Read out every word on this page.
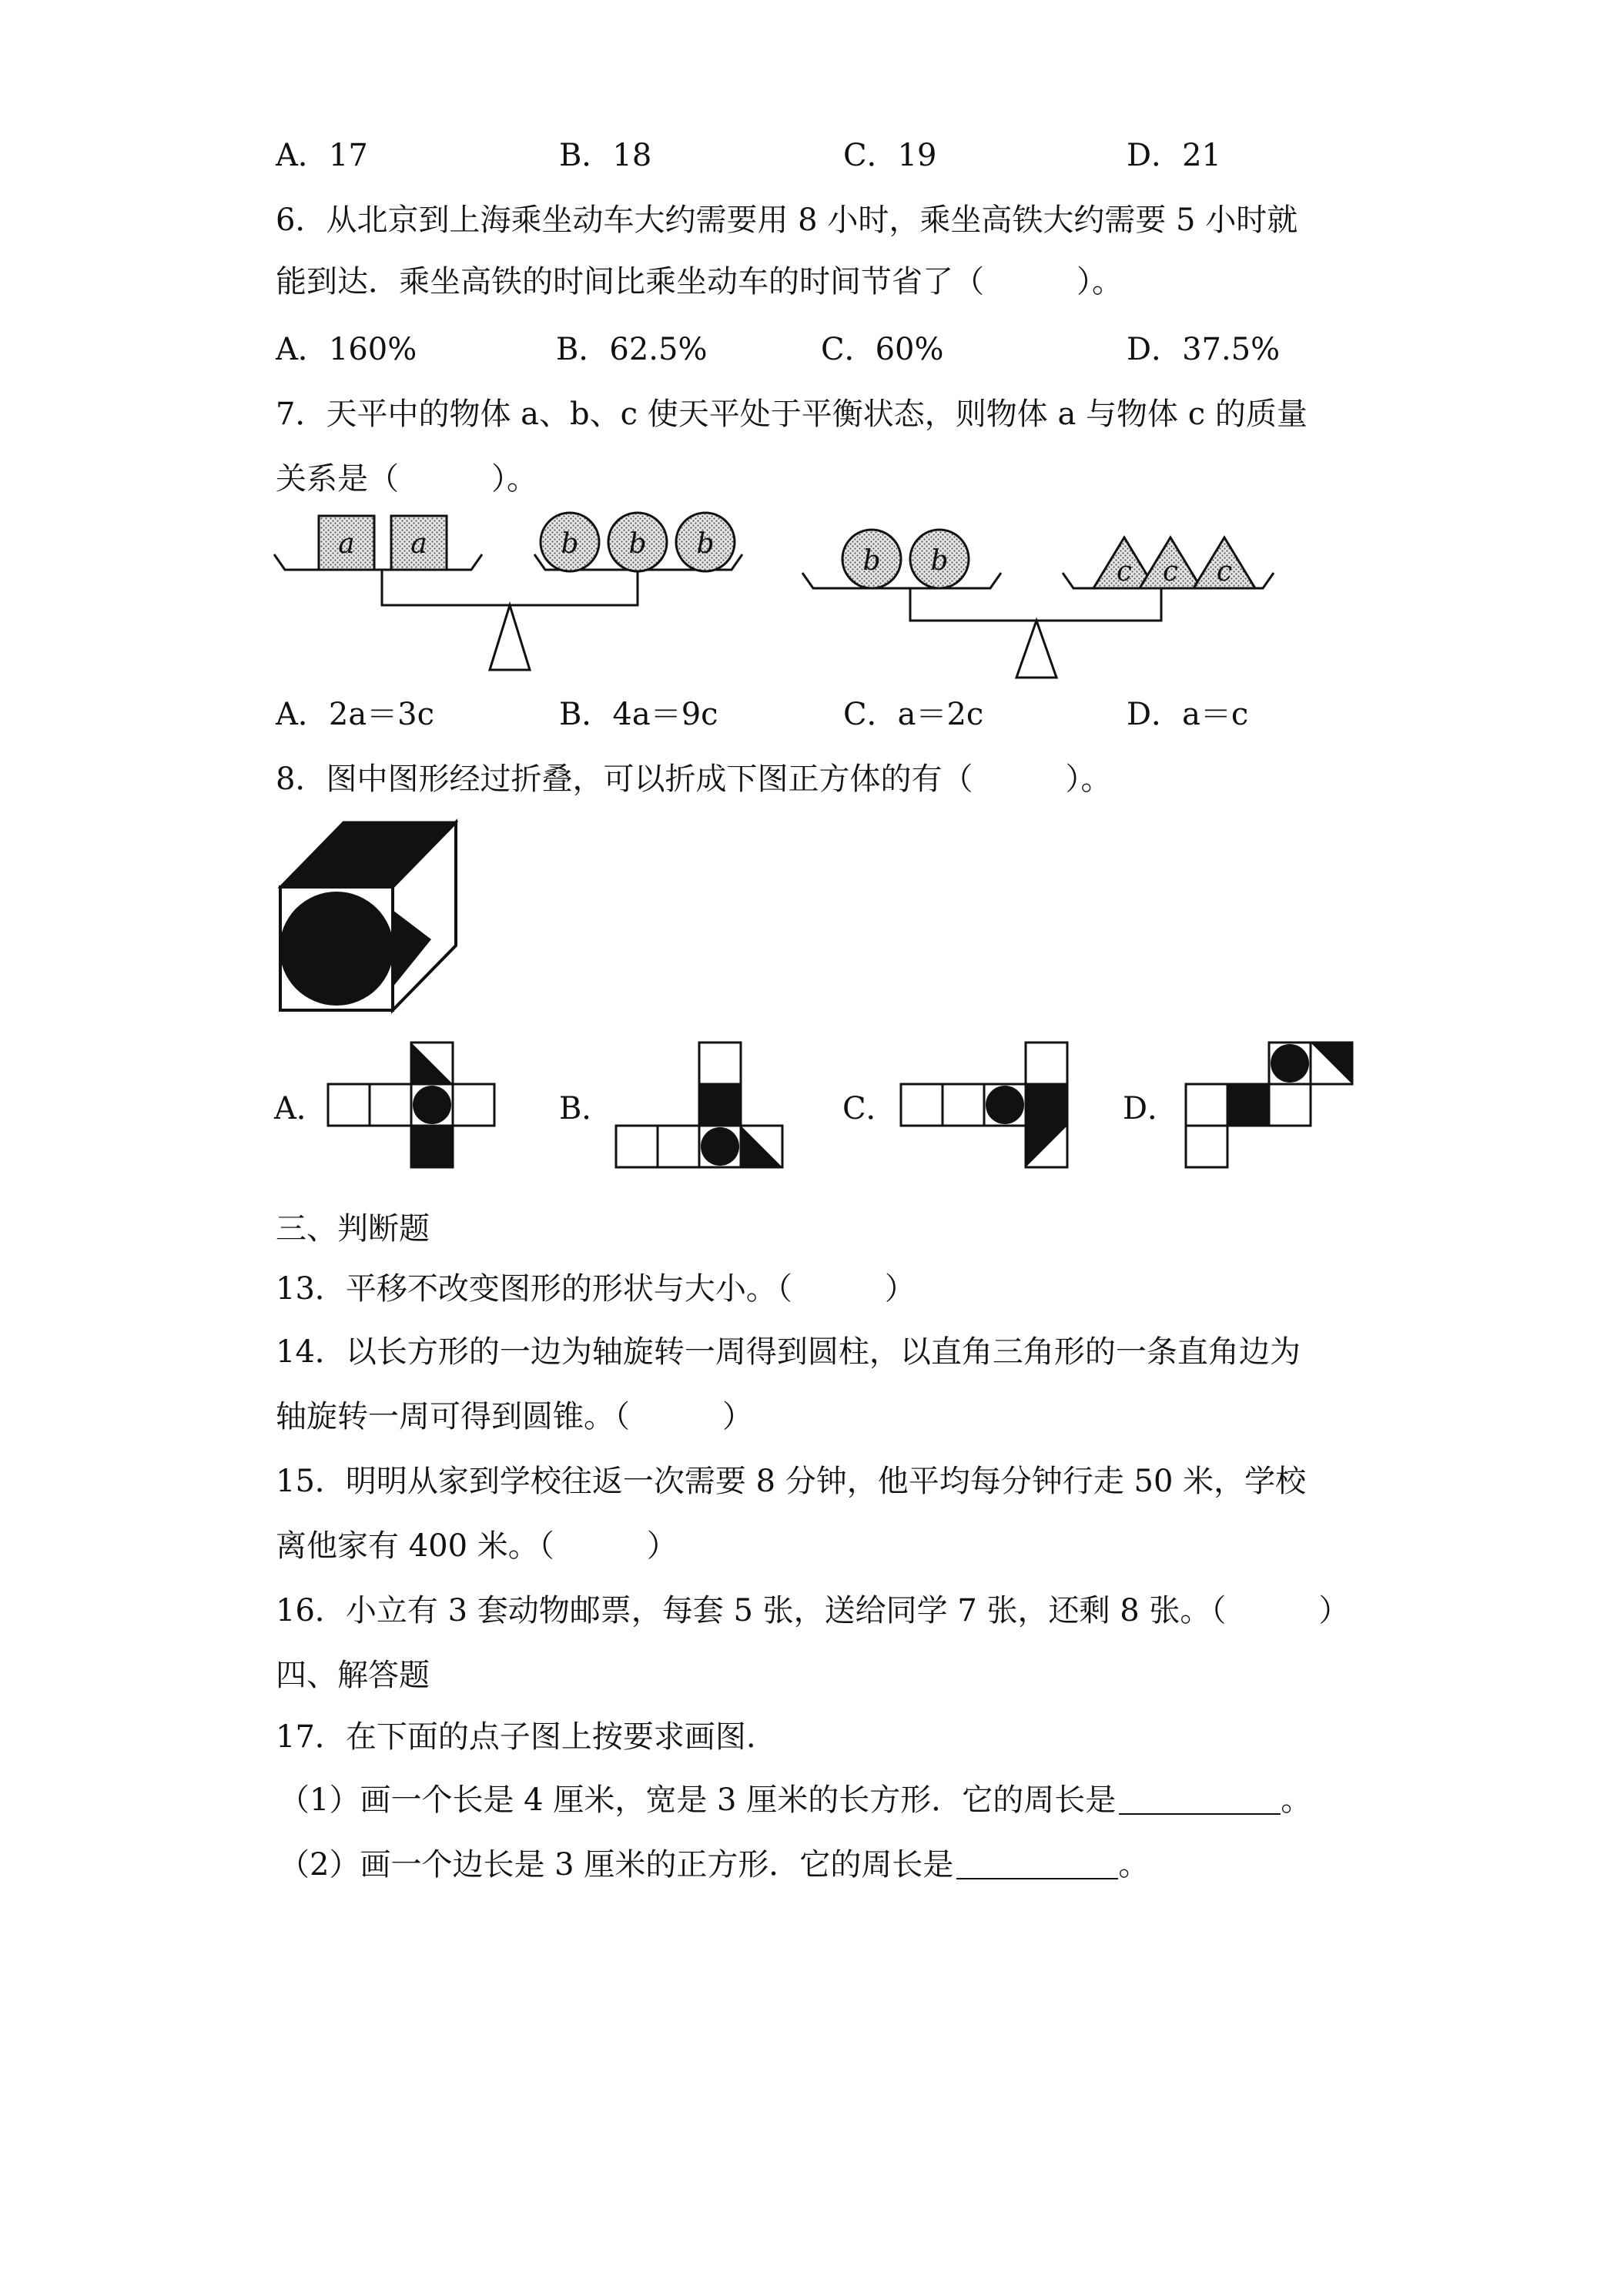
A．17	B．18	C．19	D．21
6．从北京到上海乘坐动车大约需要用 8 小时，乘坐高铁大约需要 5 小时就
能到达．乘坐高铁的时间比乘坐动车的时间节省了（　　　）。
A．160%	B．62.5%	C．60%	D．37.5%
7．天平中的物体 a、b、c 使天平处于平衡状态，则物体 a 与物体 c 的质量
关系是（　　　）。
a a	b b b
b b	c c c
A．2a＝3c	B．4a＝9c	C．a＝2c	D．a＝c
8．图中图形经过折叠，可以折成下图正方体的有（　　　）。
A．	B．	C．	D．
三、判断题
13．平移不改变图形的形状与大小。（　　　）
14．以长方形的一边为轴旋转一周得到圆柱，以直角三角形的一条直角边为
轴旋转一周可得到圆锥。（　　　）
15．明明从家到学校往返一次需要 8 分钟，他平均每分钟行走 50 米，学校
离他家有 400 米。（　　　）
16．小立有 3 套动物邮票，每套 5 张，送给同学 7 张，还剩 8 张。（　　　）
四、解答题
17．在下面的点子图上按要求画图.
（1）画一个长是 4 厘米，宽是 3 厘米的长方形．它的周长是	。
（2）画一个边长是 3 厘米的正方形．它的周长是	。
